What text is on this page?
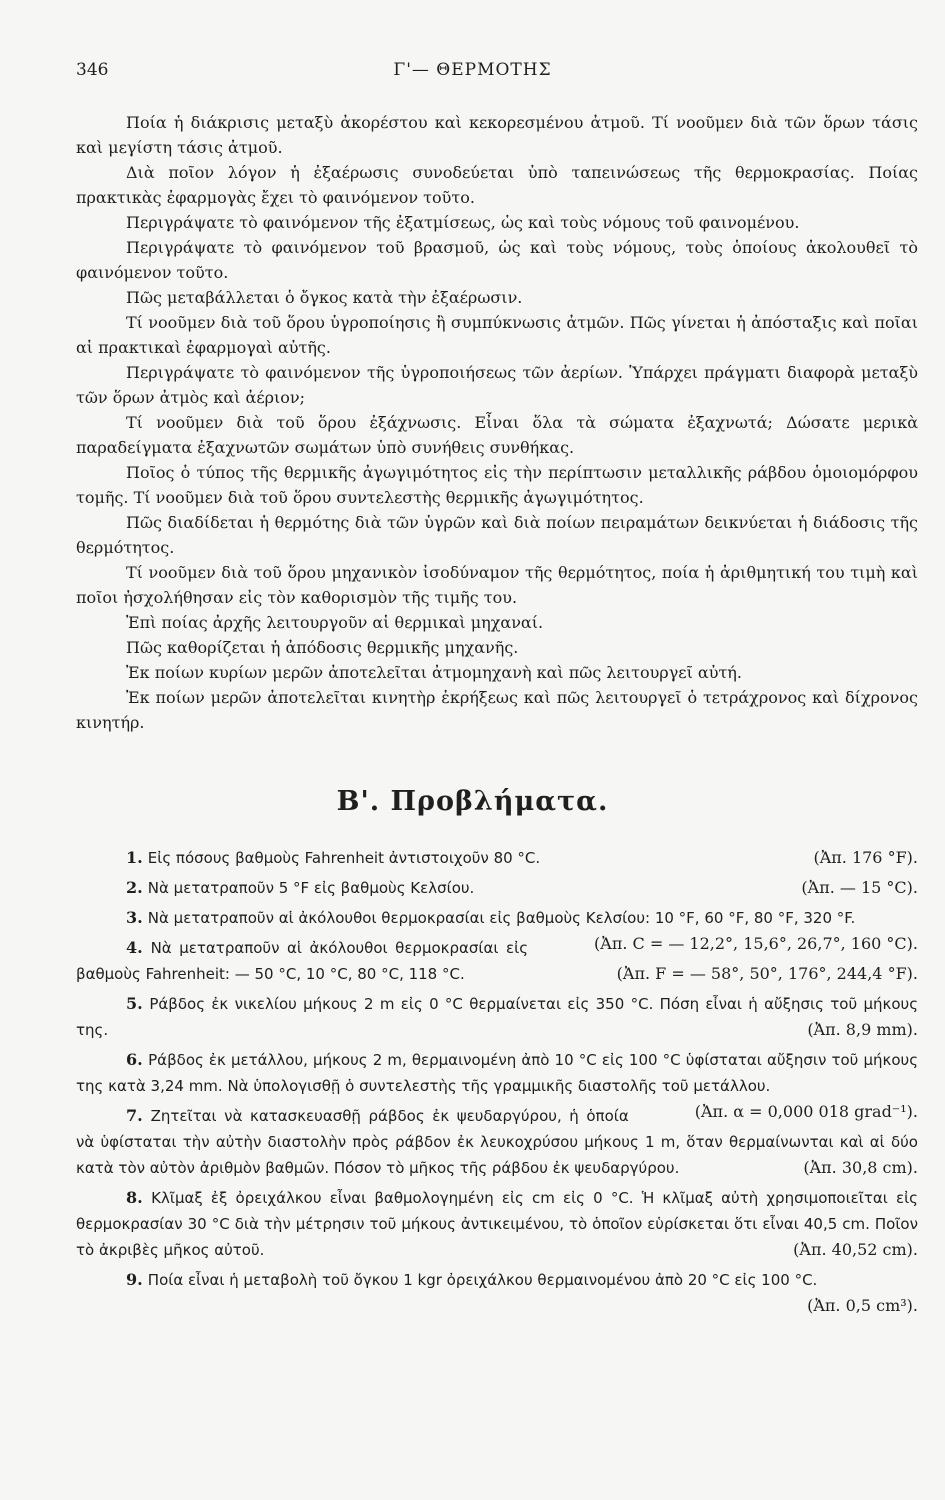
346	Γ'— ΘΕΡΜΟΤΗΣ

Ποία ἡ διάκρισις μεταξὺ ἀκορέστου καὶ κεκορεσμένου ἀτμοῦ. Τί νοοῦμεν διὰ τῶν ὅρων τάσις καὶ μεγίστη τάσις ἀτμοῦ.

Διὰ ποῖον λόγον ἡ ἐξαέρωσις συνοδεύεται ὑπὸ ταπεινώσεως τῆς θερμοκρασίας. Ποίας πρακτικὰς ἐφαρμογὰς ἔχει τὸ φαινόμενον τοῦτο.

Περιγράψατε τὸ φαινόμενον τῆς ἐξατμίσεως, ὡς καὶ τοὺς νόμους τοῦ φαινομένου.

Περιγράψατε τὸ φαινόμενον τοῦ βρασμοῦ, ὡς καὶ τοὺς νόμους, τοὺς ὁποίους ἀκολουθεῖ τὸ φαινόμενον τοῦτο.

Πῶς μεταβάλλεται ὁ ὄγκος κατὰ τὴν ἐξαέρωσιν.

Τί νοοῦμεν διὰ τοῦ ὅρου ὑγροποίησις ἢ συμπύκνωσις ἀτμῶν. Πῶς γίνεται ἡ ἀπόσταξις καὶ ποῖαι αἱ πρακτικαὶ ἐφαρμογαὶ αὐτῆς.

Περιγράψατε τὸ φαινόμενον τῆς ὑγροποιήσεως τῶν ἀερίων. Ὑπάρχει πράγματι διαφορὰ μεταξὺ τῶν ὅρων ἀτμὸς καὶ ἀέριον;

Τί νοοῦμεν διὰ τοῦ ὅρου ἐξάχνωσις. Εἶναι ὅλα τὰ σώματα ἐξαχνωτά; Δώσατε μερικὰ παραδείγματα ἐξαχνωτῶν σωμάτων ὑπὸ συνήθεις συνθήκας.

Ποῖος ὁ τύπος τῆς θερμικῆς ἀγωγιμότητος εἰς τὴν περίπτωσιν μεταλλικῆς ράβδου ὁμοιομόρφου τομῆς. Τί νοοῦμεν διὰ τοῦ ὅρου συντελεστὴς θερμικῆς ἀγωγιμότητος.

Πῶς διαδίδεται ἡ θερμότης διὰ τῶν ὑγρῶν καὶ διὰ ποίων πειραμάτων δεικνύεται ἡ διάδοσις τῆς θερμότητος.

Τί νοοῦμεν διὰ τοῦ ὅρου μηχανικὸν ἰσοδύναμον τῆς θερμότητος, ποία ἡ ἀριθμητική του τιμὴ καὶ ποῖοι ἠσχολήθησαν εἰς τὸν καθορισμὸν τῆς τιμῆς του.

Ἐπὶ ποίας ἀρχῆς λειτουργοῦν αἱ θερμικαὶ μηχαναί.

Πῶς καθορίζεται ἡ ἀπόδοσις θερμικῆς μηχανῆς.

Ἐκ ποίων κυρίων μερῶν ἀποτελεῖται ἀτμομηχανὴ καὶ πῶς λειτουργεῖ αὐτή.

Ἐκ ποίων μερῶν ἀποτελεῖται κινητὴρ ἐκρήξεως καὶ πῶς λειτουργεῖ ὁ τετράχρονος καὶ δίχρονος κινητήρ.

Β'. Προβλήματα.

1. Εἰς πόσους βαθμοὺς Fahrenheit ἀντιστοιχοῦν 80 °C.	(Ἀπ. 176 °F).

2. Νὰ μετατραποῦν 5 °F εἰς βαθμοὺς Κελσίου.	(Ἀπ. — 15 °C).

3. Νὰ μετατραποῦν αἱ ἀκόλουθοι θερμοκρασίαι εἰς βαθμοὺς Κελσίου: 10 °F, 60 °F, 80 °F, 320 °F.
(Ἀπ. C = — 12,2°, 15,6°, 26,7°, 160 °C).

4. Νὰ μετατραποῦν αἱ ἀκόλουθοι θερμοκρασίαι εἰς βαθμοὺς Fahrenheit: — 50 °C, 10 °C, 80 °C, 118 °C.	(Ἀπ. F = — 58°, 50°, 176°, 244,4 °F).

5. Ράβδος ἐκ νικελίου μήκους 2 m εἰς 0 °C θερμαίνεται εἰς 350 °C. Πόση εἶναι ἡ αὔξησις τοῦ μήκους της.	(Ἀπ. 8,9 mm).

6. Ράβδος ἐκ μετάλλου, μήκους 2 m, θερμαινομένη ἀπὸ 10 °C εἰς 100 °C ὑφίσταται αὔξησιν τοῦ μήκους της κατὰ 3,24 mm. Νὰ ὑπολογισθῇ ὁ συντελεστὴς τῆς γραμμικῆς διαστολῆς τοῦ μετάλλου.
(Ἀπ. α = 0,000 018 grad⁻¹).

7. Ζητεῖται νὰ κατασκευασθῇ ράβδος ἐκ ψευδαργύρου, ἡ ὁποία νὰ ὑφίσταται τὴν αὐτὴν διαστολὴν πρὸς ράβδον ἐκ λευκοχρύσου μήκους 1 m, ὅταν θερμαίνωνται καὶ αἱ δύο κατὰ τὸν αὐτὸν ἀριθμὸν βαθμῶν. Πόσον τὸ μῆκος τῆς ράβδου ἐκ ψευδαργύρου.	(Ἀπ. 30,8 cm).

8. Κλῖμαξ ἐξ ὀρειχάλκου εἶναι βαθμολογημένη εἰς cm εἰς 0 °C. Ἡ κλῖμαξ αὐτὴ χρησιμοποιεῖται εἰς θερμοκρασίαν 30 °C διὰ τὴν μέτρησιν τοῦ μήκους ἀντικειμένου, τὸ ὁποῖον εὑρίσκεται ὅτι εἶναι 40,5 cm. Ποῖον τὸ ἀκριβὲς μῆκος αὐτοῦ.	(Ἀπ. 40,52 cm).

9. Ποία εἶναι ἡ μεταβολὴ τοῦ ὄγκου 1 kgr ὀρειχάλκου θερμαινομένου ἀπὸ 20 °C εἰς 100 °C.
(Ἀπ. 0,5 cm³).
